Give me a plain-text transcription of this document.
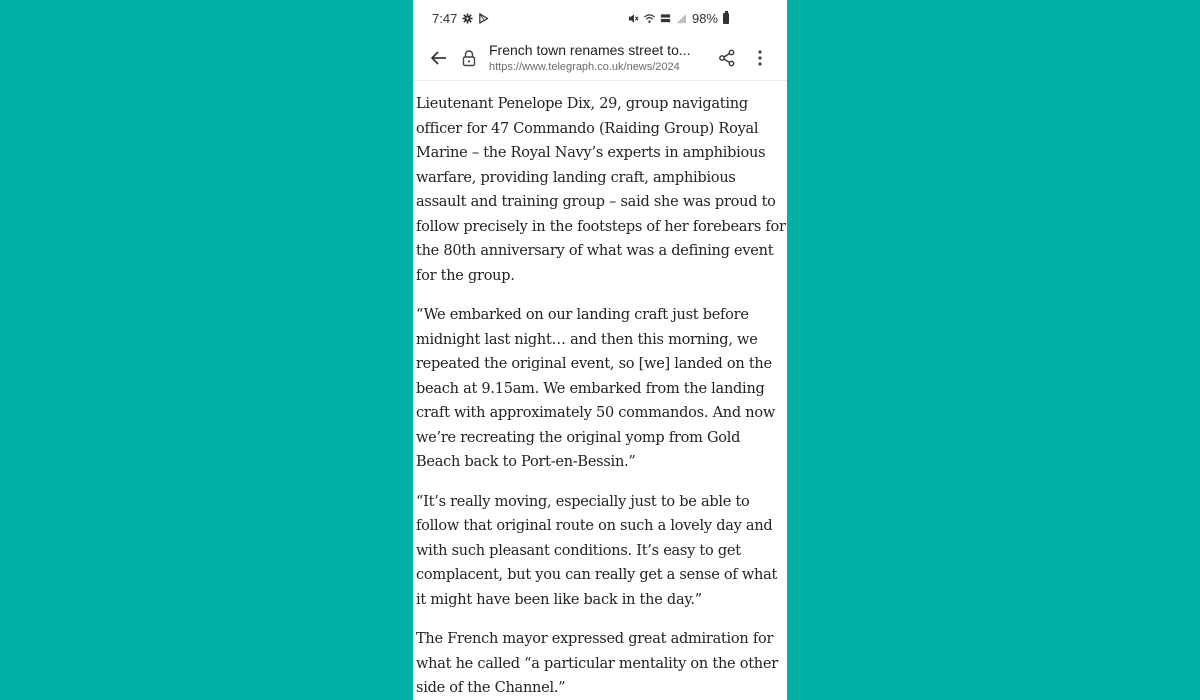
7:47	98%
French town renames street to...
https://www.telegraph.co.uk/news/2024

Lieutenant Penelope Dix, 29, group navigating officer for 47 Commando (Raiding Group) Royal Marine – the Royal Navy’s experts in amphibious warfare, providing landing craft, amphibious assault and training group – said she was proud to follow precisely in the footsteps of her forebears for the 80th anniversary of what was a defining event for the group.

“We embarked on our landing craft just before midnight last night… and then this morning, we repeated the original event, so [we] landed on the beach at 9.15am. We embarked from the landing craft with approximately 50 commandos. And now we’re recreating the original yomp from Gold Beach back to Port-en-Bessin.”

“It’s really moving, especially just to be able to follow that original route on such a lovely day and with such pleasant conditions. It’s easy to get complacent, but you can really get a sense of what it might have been like back in the day.”

The French mayor expressed great admiration for what he called “a particular mentality on the other side of the Channel.”
